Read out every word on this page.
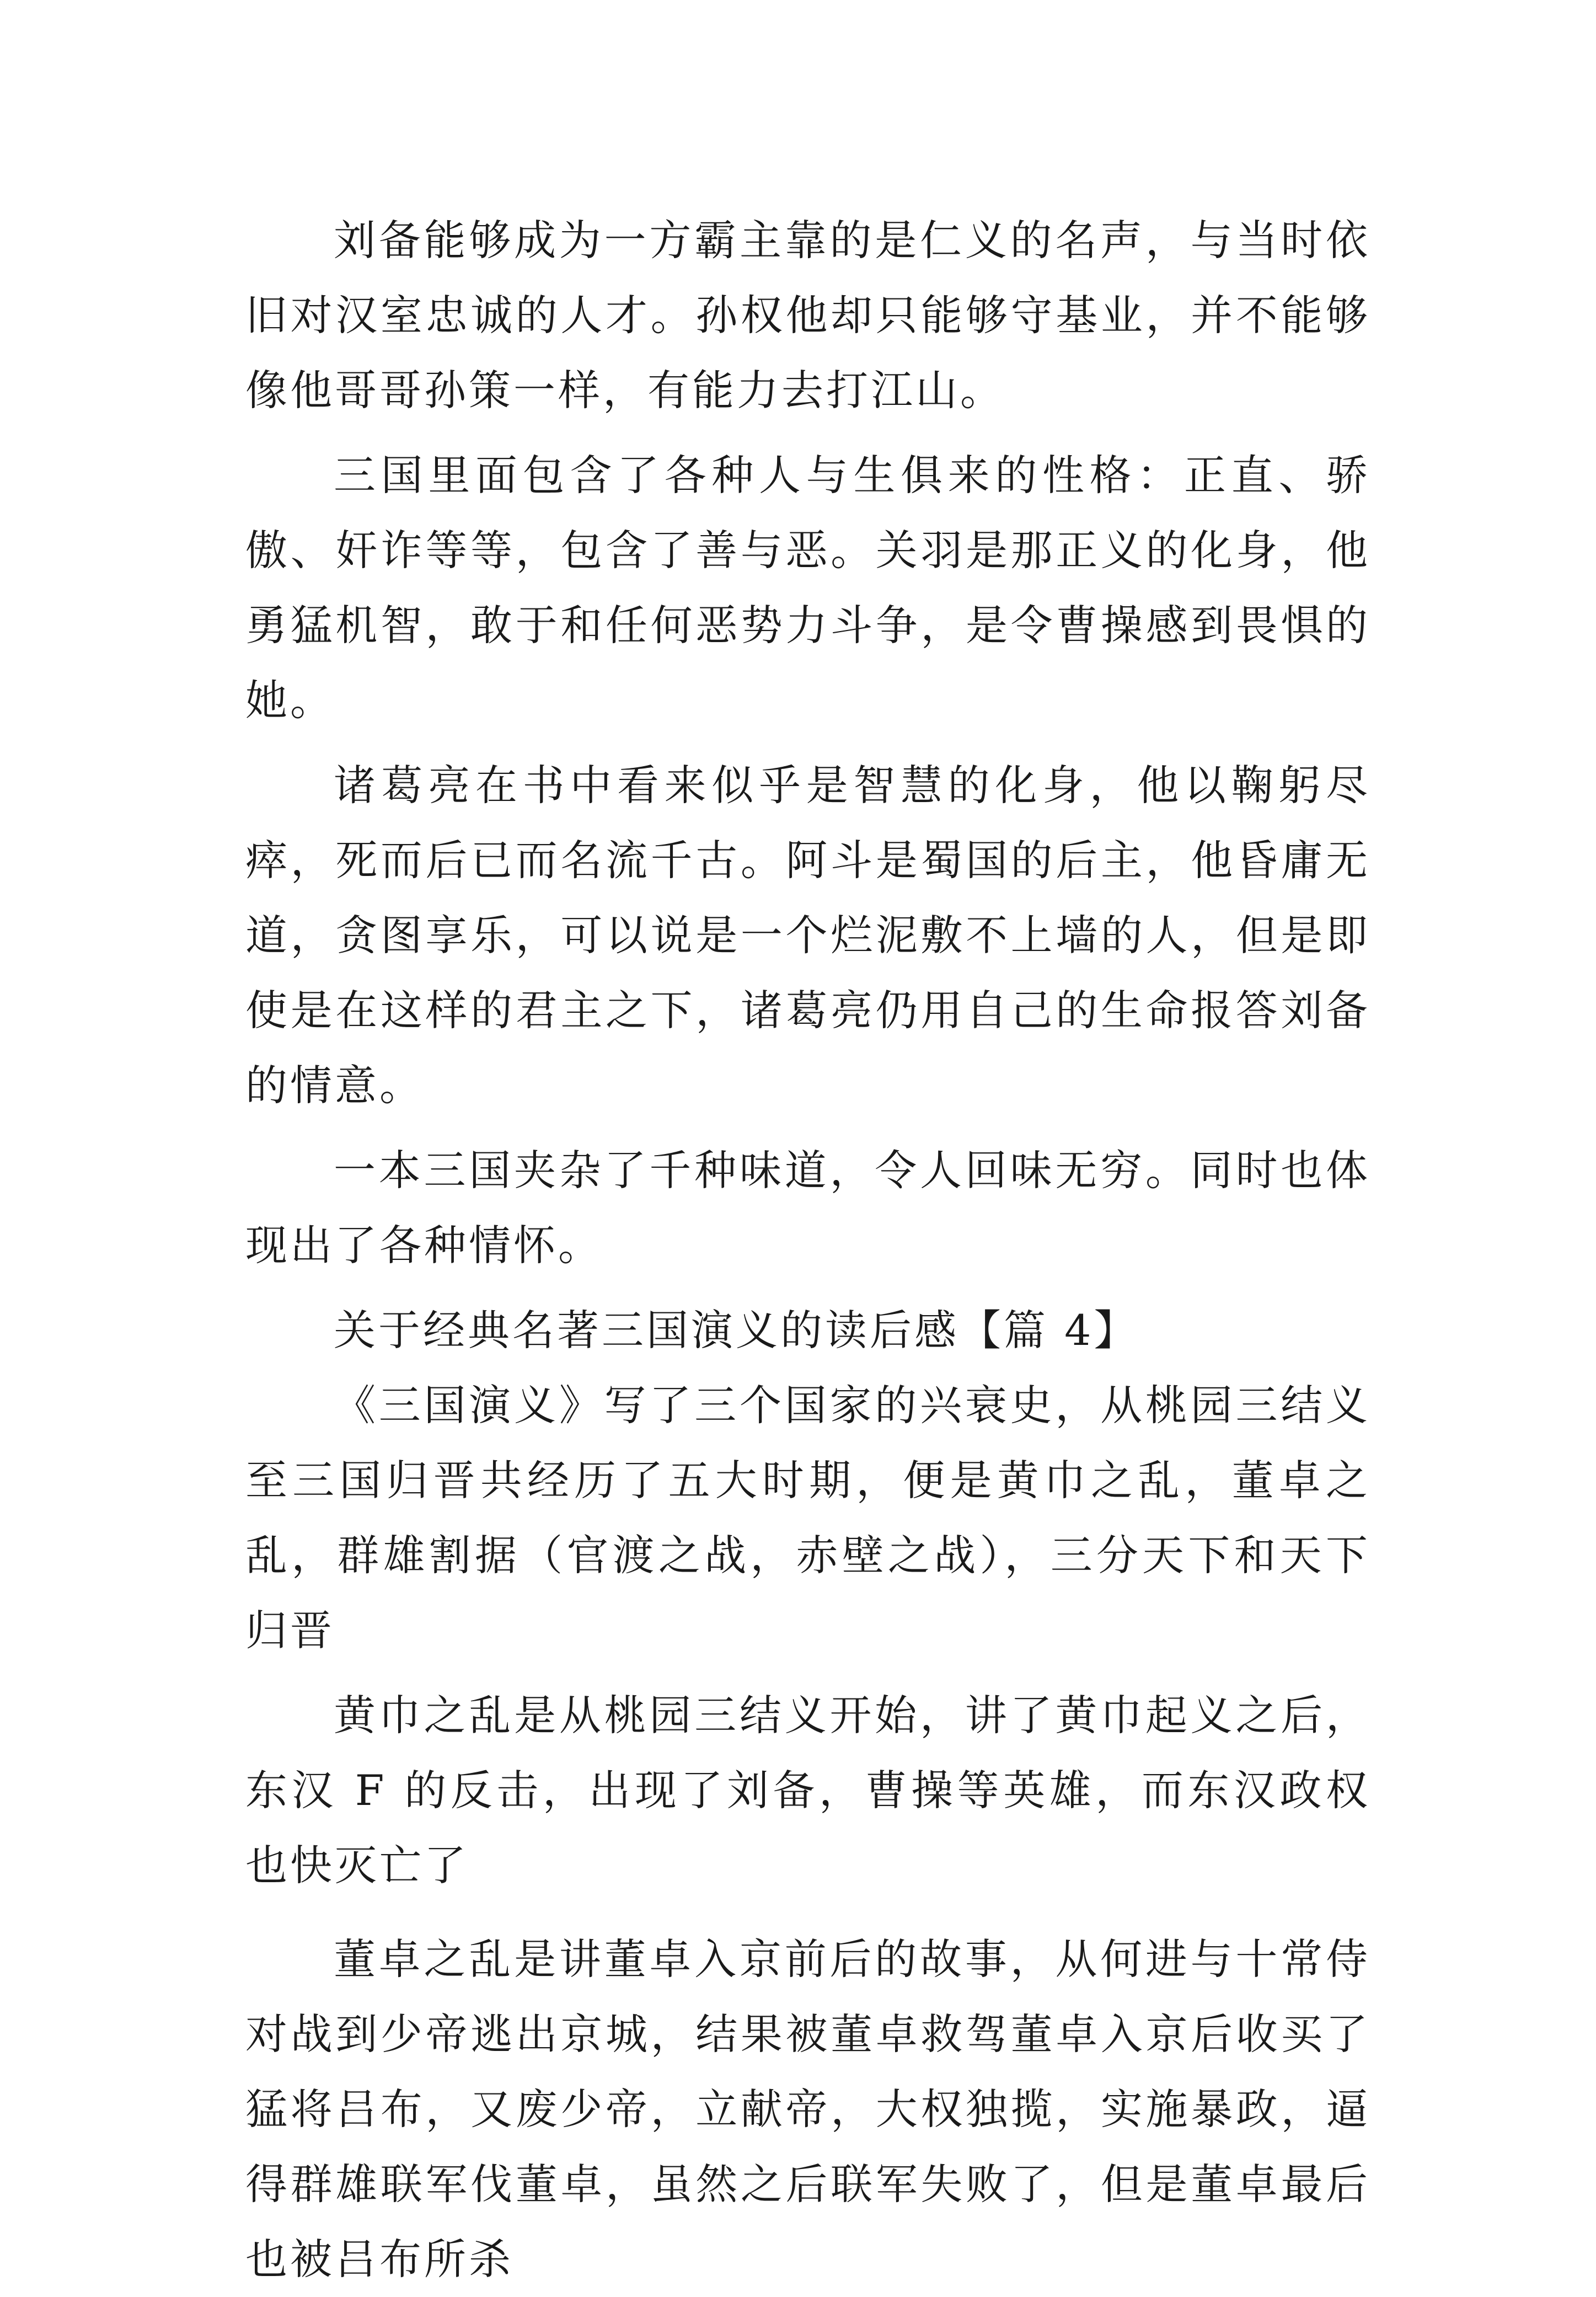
刘备能够成为一方霸主靠的是仁义的名声，与当时依旧对汉室忠诚的人才。孙权他却只能够守基业，并不能够像他哥哥孙策一样，有能力去打江山。

三国里面包含了各种人与生俱来的性格：正直、骄傲、奸诈等等，包含了善与恶。关羽是那正义的化身，他勇猛机智，敢于和任何恶势力斗争，是令曹操感到畏惧的她。

诸葛亮在书中看来似乎是智慧的化身，他以鞠躬尽瘁，死而后已而名流千古。阿斗是蜀国的后主，他昏庸无道，贪图享乐，可以说是一个烂泥敷不上墙的人，但是即使是在这样的君主之下，诸葛亮仍用自己的生命报答刘备的情意。

一本三国夹杂了千种味道，令人回味无穷。同时也体现出了各种情怀。

关于经典名著三国演义的读后感【篇 4】

《三国演义》写了三个国家的兴衰史，从桃园三结义至三国归晋共经历了五大时期，便是黄巾之乱，董卓之乱，群雄割据（官渡之战，赤壁之战），三分天下和天下归晋

黄巾之乱是从桃园三结义开始，讲了黄巾起义之后，东汉 F 的反击，出现了刘备，曹操等英雄，而东汉政权也快灭亡了

董卓之乱是讲董卓入京前后的故事，从何进与十常侍对战到少帝逃出京城，结果被董卓救驾董卓入京后收买了猛将吕布，又废少帝，立献帝，大权独揽，实施暴政，逼得群雄联军伐董卓，虽然之后联军失败了，但是董卓最后也被吕布所杀
